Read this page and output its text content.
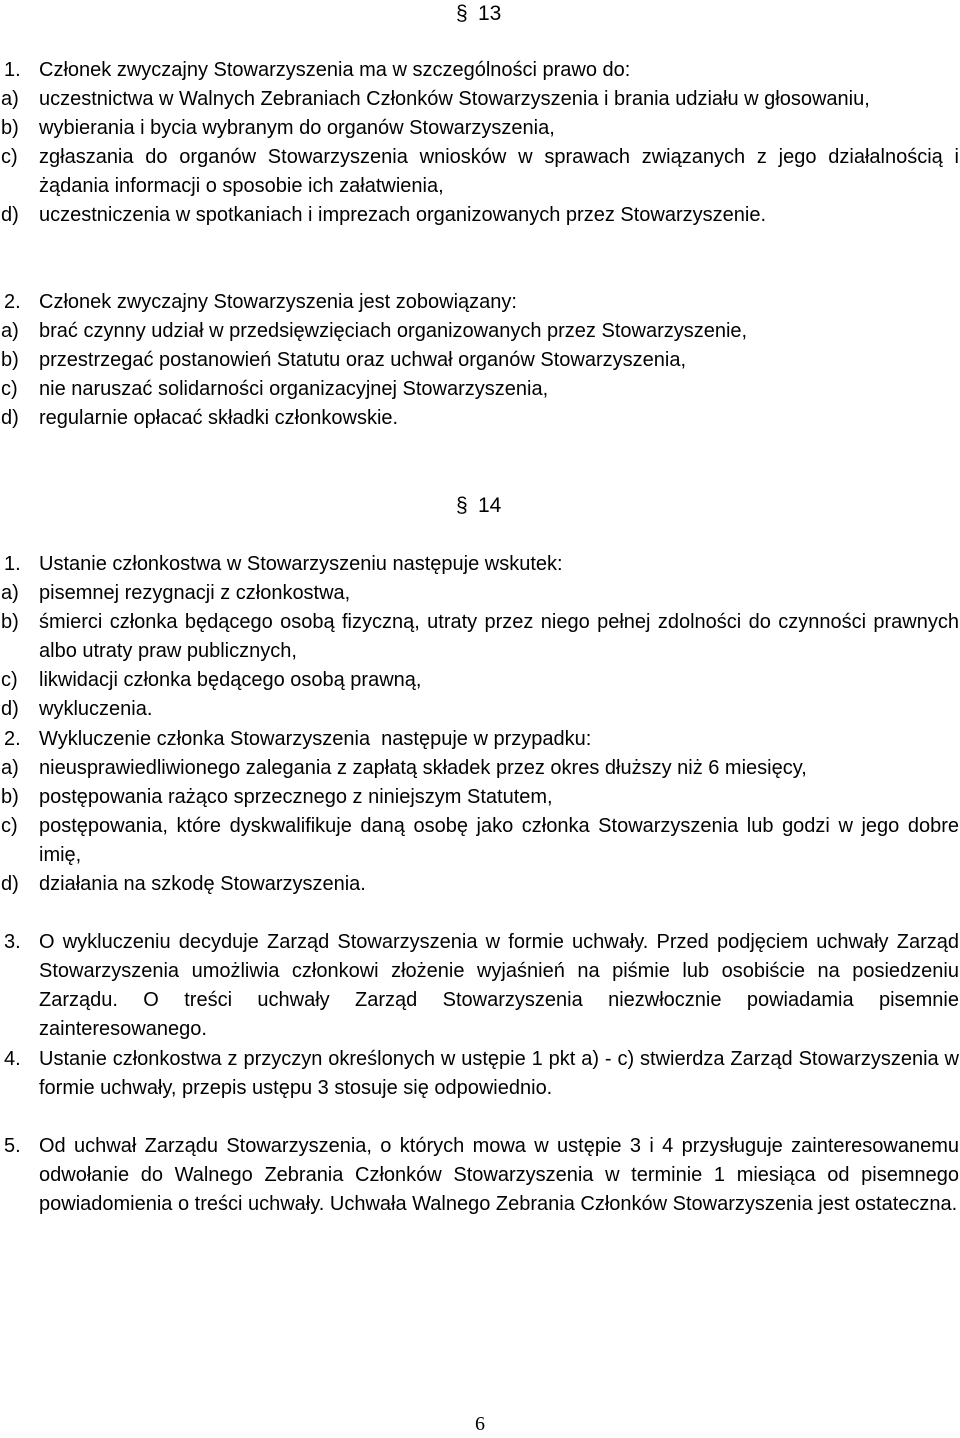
§13
1. Członek zwyczajny Stowarzyszenia ma w szczególności prawo do:
a) uczestnictwa w Walnych Zebraniach Członków Stowarzyszenia i brania udziału w głosowaniu,
b) wybierania i bycia wybranym do organów Stowarzyszenia,
c) zgłaszania do organów Stowarzyszenia wniosków w sprawach związanych z jego działalnością i żądania informacji o sposobie ich załatwienia,
d) uczestniczenia w spotkaniach i imprezach organizowanych przez Stowarzyszenie.
2. Członek zwyczajny Stowarzyszenia jest zobowiązany:
a) brać czynny udział w przedsięwzięciach organizowanych przez Stowarzyszenie,
b) przestrzegać postanowień Statutu oraz uchwał organów Stowarzyszenia,
c) nie naruszać solidarności organizacyjnej Stowarzyszenia,
d) regularnie opłacać składki członkowskie.
§14
1. Ustanie członkostwa w Stowarzyszeniu następuje wskutek:
a) pisemnej rezygnacji z członkostwa,
b) śmierci członka będącego osobą fizyczną, utraty przez niego pełnej zdolności do czynności prawnych albo utraty praw publicznych,
c) likwidacji członka będącego osobą prawną,
d) wykluczenia.
2. Wykluczenie członka Stowarzyszenia  następuje w przypadku:
a) nieusprawiedliwionego zalegania z zapłatą składek przez okres dłuższy niż 6 miesięcy,
b) postępowania rażąco sprzecznego z niniejszym Statutem,
c) postępowania, które dyskwalifikuje daną osobę jako członka Stowarzyszenia lub godzi w jego dobre imię,
d) działania na szkodę Stowarzyszenia.
3. O wykluczeniu decyduje Zarząd Stowarzyszenia w formie uchwały. Przed podjęciem uchwały Zarząd Stowarzyszenia umożliwia członkowi złożenie wyjaśnień na piśmie lub osobiście na posiedzeniu Zarządu. O treści uchwały Zarząd Stowarzyszenia niezwłocznie powiadamia pisemnie zainteresowanego.
4. Ustanie członkostwa z przyczyn określonych w ustępie 1 pkt a) - c) stwierdza Zarząd Stowarzyszenia w formie uchwały, przepis ustępu 3 stosuje się odpowiednio.
5. Od uchwał Zarządu Stowarzyszenia, o których mowa w ustępie 3 i 4 przysługuje zainteresowanemu odwołanie do Walnego Zebrania Członków Stowarzyszenia w terminie 1 miesiąca od pisemnego powiadomienia o treści uchwały. Uchwała Walnego Zebrania Członków Stowarzyszenia jest ostateczna.
6
